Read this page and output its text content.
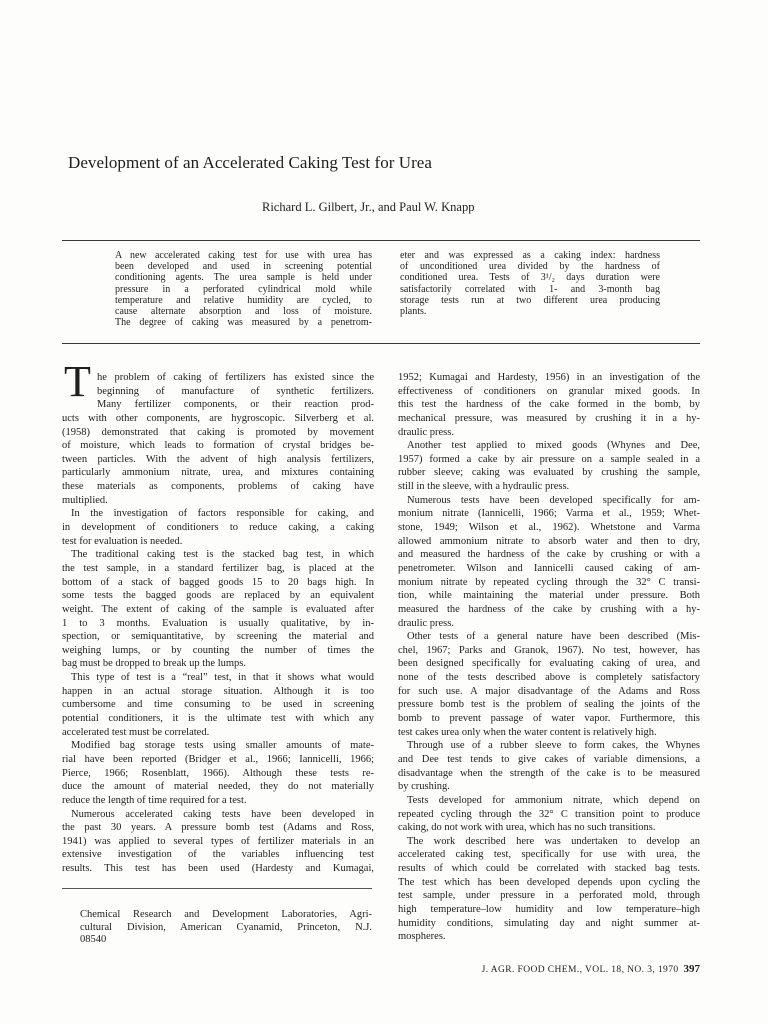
Development of an Accelerated Caking Test for Urea
Richard L. Gilbert, Jr., and Paul W. Knapp
A new accelerated caking test for use with urea has
been developed and used in screening potential
conditioning agents. The urea sample is held under
pressure in a perforated cylindrical mold while
temperature and relative humidity are cycled, to
cause alternate absorption and loss of moisture.
The degree of caking was measured by a penetrom-
eter and was expressed as a caking index: hardness
of unconditioned urea divided by the hardness of
conditioned urea. Tests of 3¹/₂ days duration were
satisfactorily correlated with 1- and 3-month bag
storage tests run at two different urea producing
plants.
T he problem of caking of fertilizers has existed since the
beginning of manufacture of synthetic fertilizers.
Many fertilizer components, or their reaction prod-
ucts with other components, are hygroscopic. Silverberg et al.
(1958) demonstrated that caking is promoted by movement
of moisture, which leads to formation of crystal bridges be-
tween particles. With the advent of high analysis fertilizers,
particularly ammonium nitrate, urea, and mixtures containing
these materials as components, problems of caking have
multiplied.
In the investigation of factors responsible for caking, and
in development of conditioners to reduce caking, a caking
test for evaluation is needed.
The traditional caking test is the stacked bag test, in which
the test sample, in a standard fertilizer bag, is placed at the
bottom of a stack of bagged goods 15 to 20 bags high. In
some tests the bagged goods are replaced by an equivalent
weight. The extent of caking of the sample is evaluated after
1 to 3 months. Evaluation is usually qualitative, by in-
spection, or semiquantitative, by screening the material and
weighing lumps, or by counting the number of times the
bag must be dropped to break up the lumps.
This type of test is a “real” test, in that it shows what would
happen in an actual storage situation. Although it is too
cumbersome and time consuming to be used in screening
potential conditioners, it is the ultimate test with which any
accelerated test must be correlated.
Modified bag storage tests using smaller amounts of mate-
rial have been reported (Bridger et al., 1966; Iannicelli, 1966;
Pierce, 1966; Rosenblatt, 1966). Although these tests re-
duce the amount of material needed, they do not materially
reduce the length of time required for a test.
Numerous accelerated caking tests have been developed in
the past 30 years. A pressure bomb test (Adams and Ross,
1941) was applied to several types of fertilizer materials in an
extensive investigation of the variables influencing test
results. This test has been used (Hardesty and Kumagai,
1952; Kumagai and Hardesty, 1956) in an investigation of the
effectiveness of conditioners on granular mixed goods. In
this test the hardness of the cake formed in the bomb, by
mechanical pressure, was measured by crushing it in a hy-
draulic press.
Another test applied to mixed goods (Whynes and Dee,
1957) formed a cake by air pressure on a sample sealed in a
rubber sleeve; caking was evaluated by crushing the sample,
still in the sleeve, with a hydraulic press.
Numerous tests have been developed specifically for am-
monium nitrate (Iannicelli, 1966; Varma et al., 1959; Whet-
stone, 1949; Wilson et al., 1962). Whetstone and Varma
allowed ammonium nitrate to absorb water and then to dry,
and measured the hardness of the cake by crushing or with a
penetrometer. Wilson and Iannicelli caused caking of am-
monium nitrate by repeated cycling through the 32° C transi-
tion, while maintaining the material under pressure. Both
measured the hardness of the cake by crushing with a hy-
draulic press.
Other tests of a general nature have been described (Mis-
chel, 1967; Parks and Granok, 1967). No test, however, has
been designed specifically for evaluating caking of urea, and
none of the tests described above is completely satisfactory
for such use. A major disadvantage of the Adams and Ross
pressure bomb test is the problem of sealing the joints of the
bomb to prevent passage of water vapor. Furthermore, this
test cakes urea only when the water content is relatively high.
Through use of a rubber sleeve to form cakes, the Whynes
and Dee test tends to give cakes of variable dimensions, a
disadvantage when the strength of the cake is to be measured
by crushing.
Tests developed for ammonium nitrate, which depend on
repeated cycling through the 32° C transition point to produce
caking, do not work with urea, which has no such transitions.
The work described here was undertaken to develop an
accelerated caking test, specifically for use with urea, the
results of which could be correlated with stacked bag tests.
The test which has been developed depends upon cycling the
test sample, under pressure in a perforated mold, through
high temperature–low humidity and low temperature–high
humidity conditions, simulating day and night summer at-
mospheres.
Chemical Research and Development Laboratories, Agri-
cultural Division, American Cyanamid, Princeton, N.J.
08540
J. AGR. FOOD CHEM., VOL. 18, NO. 3, 1970 397
